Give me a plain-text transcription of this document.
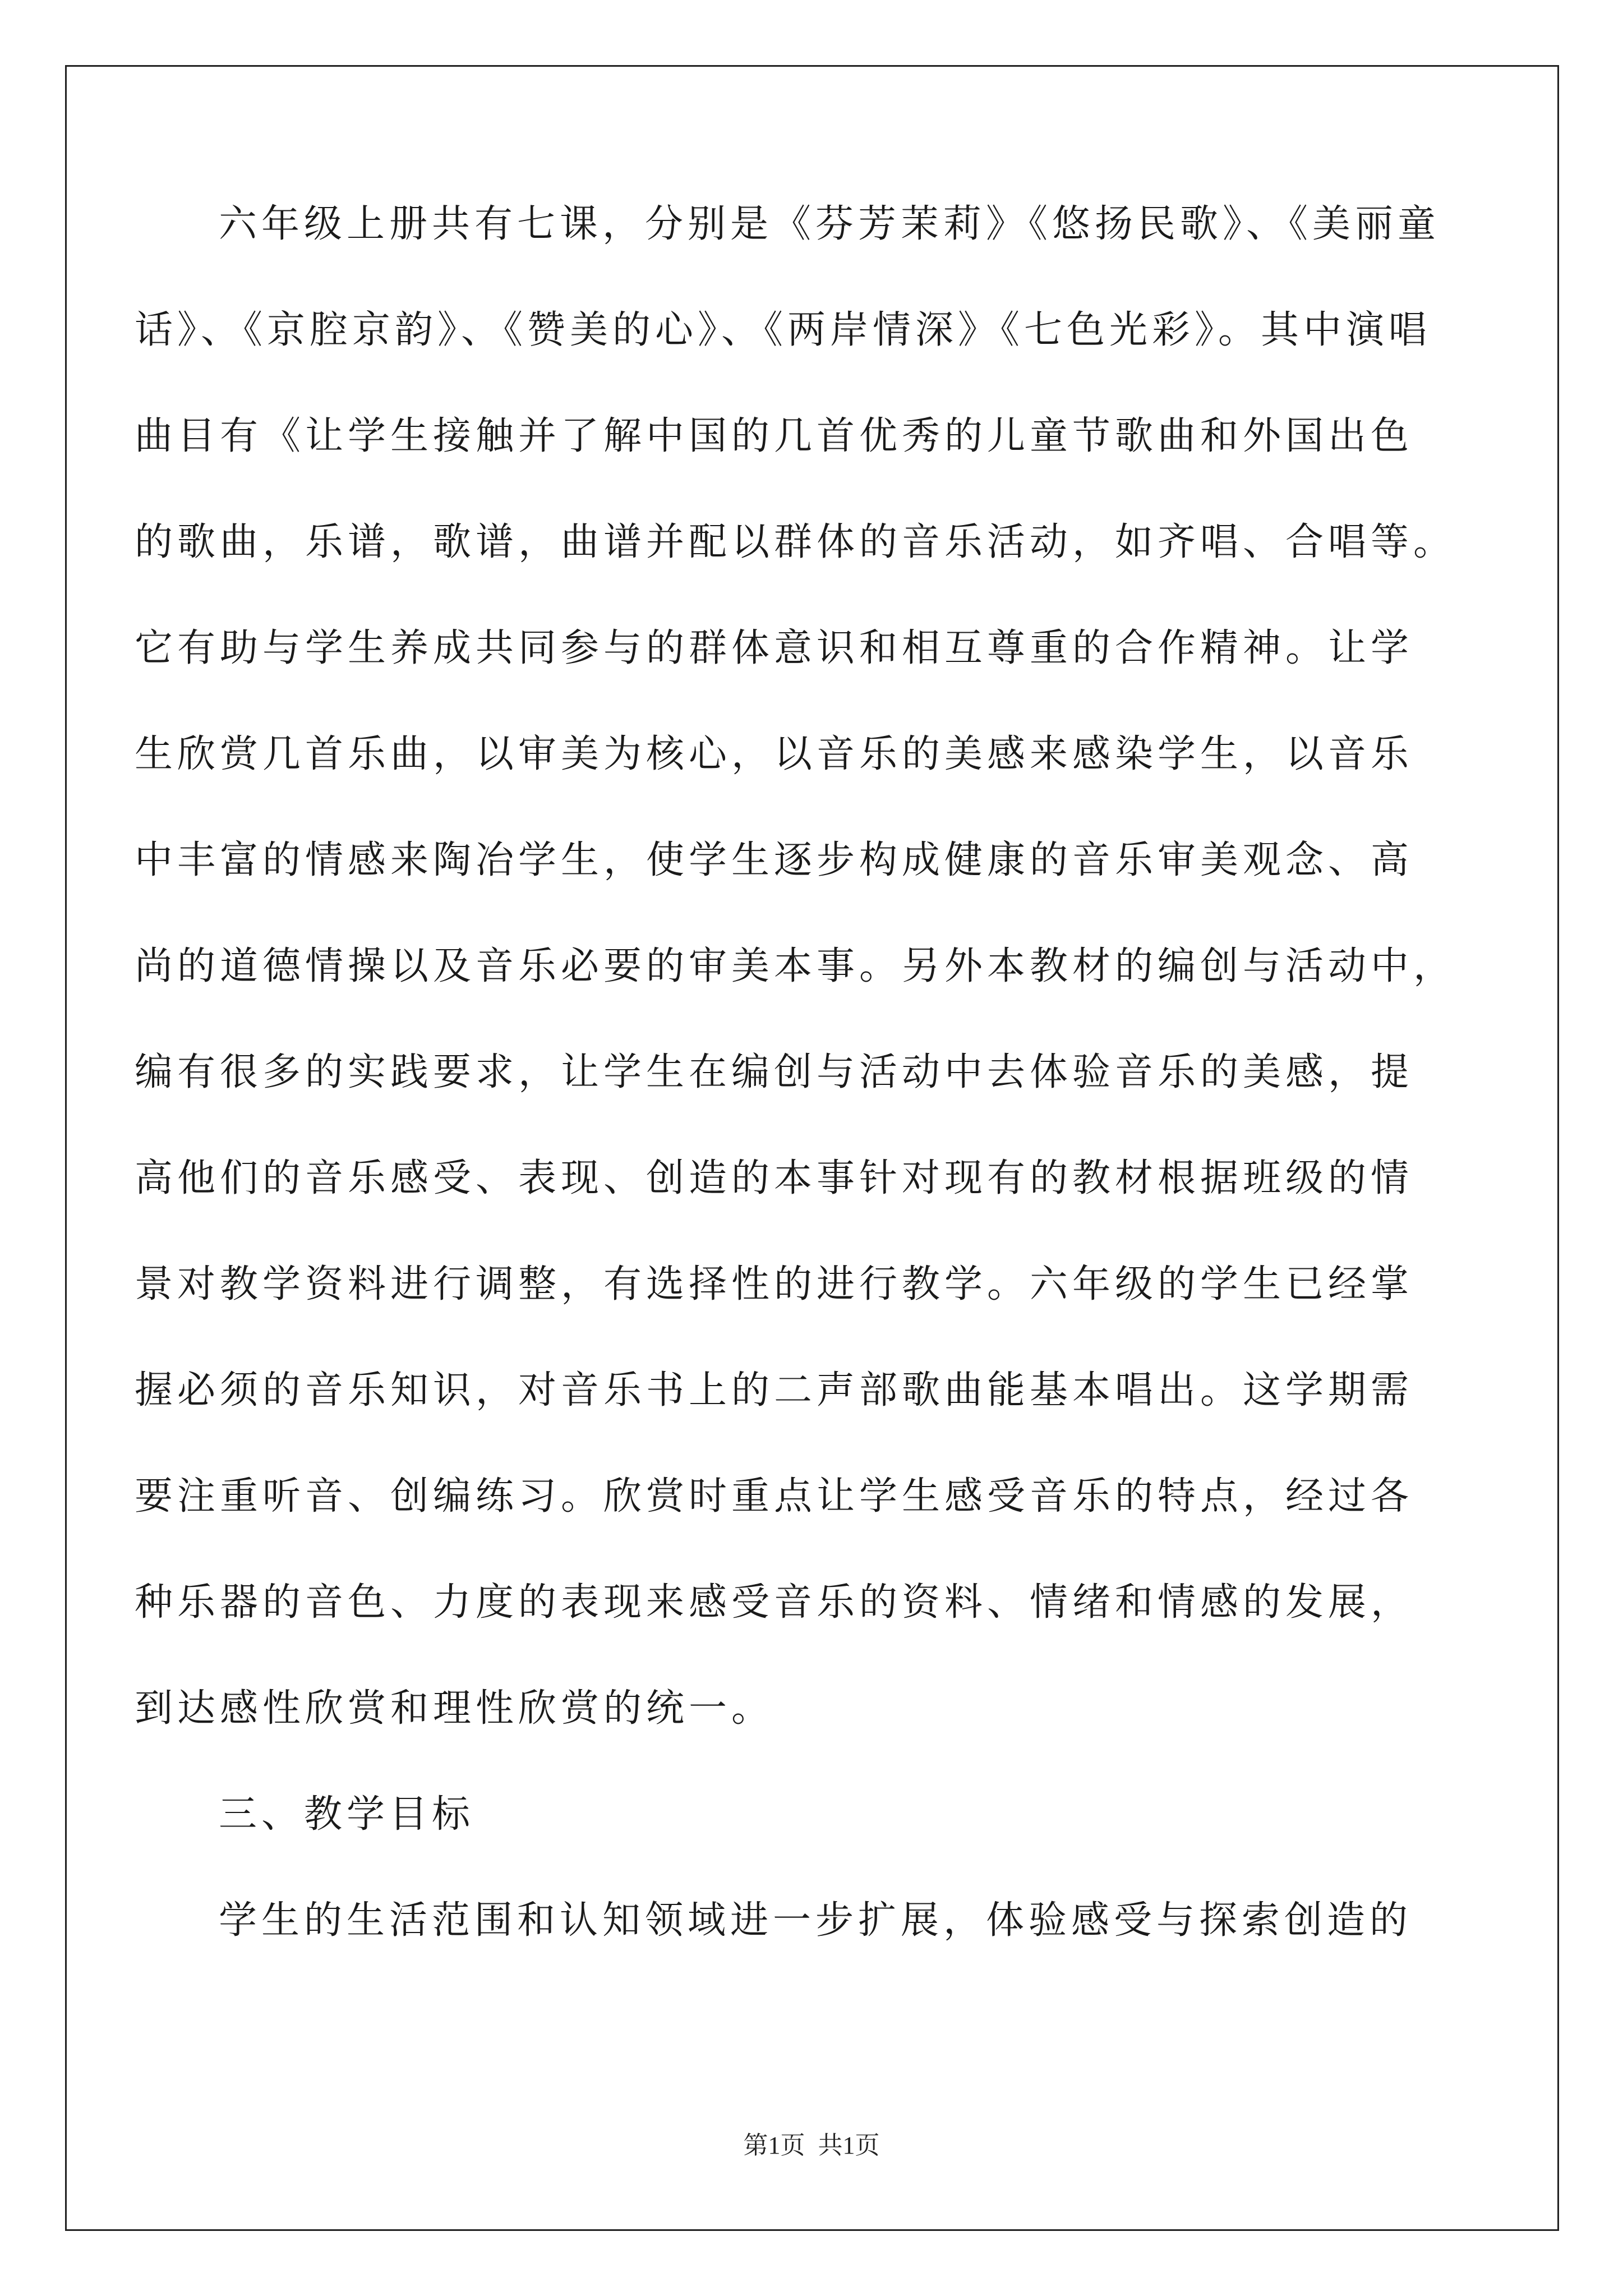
六年级上册共有七课，分别是《芬芳茉莉》《悠扬民歌》、《美丽童
话》、《京腔京韵》、《赞美的心》、《两岸情深》《七色光彩》。其中演唱
曲目有《让学生接触并了解中国的几首优秀的儿童节歌曲和外国出色
的歌曲，乐谱，歌谱，曲谱并配以群体的音乐活动，如齐唱、合唱等。
它有助与学生养成共同参与的群体意识和相互尊重的合作精神。让学
生欣赏几首乐曲，以审美为核心，以音乐的美感来感染学生，以音乐
中丰富的情感来陶冶学生，使学生逐步构成健康的音乐审美观念、高
尚的道德情操以及音乐必要的审美本事。另外本教材的编创与活动中，
编有很多的实践要求，让学生在编创与活动中去体验音乐的美感，提
高他们的音乐感受、表现、创造的本事针对现有的教材根据班级的情
景对教学资料进行调整，有选择性的进行教学。六年级的学生已经掌
握必须的音乐知识，对音乐书上的二声部歌曲能基本唱出。这学期需
要注重听音、创编练习。欣赏时重点让学生感受音乐的特点，经过各
种乐器的音色、力度的表现来感受音乐的资料、情绪和情感的发展，
到达感性欣赏和理性欣赏的统一。
三、教学目标
学生的生活范围和认知领域进一步扩展，体验感受与探索创造的
第1页 共1页
